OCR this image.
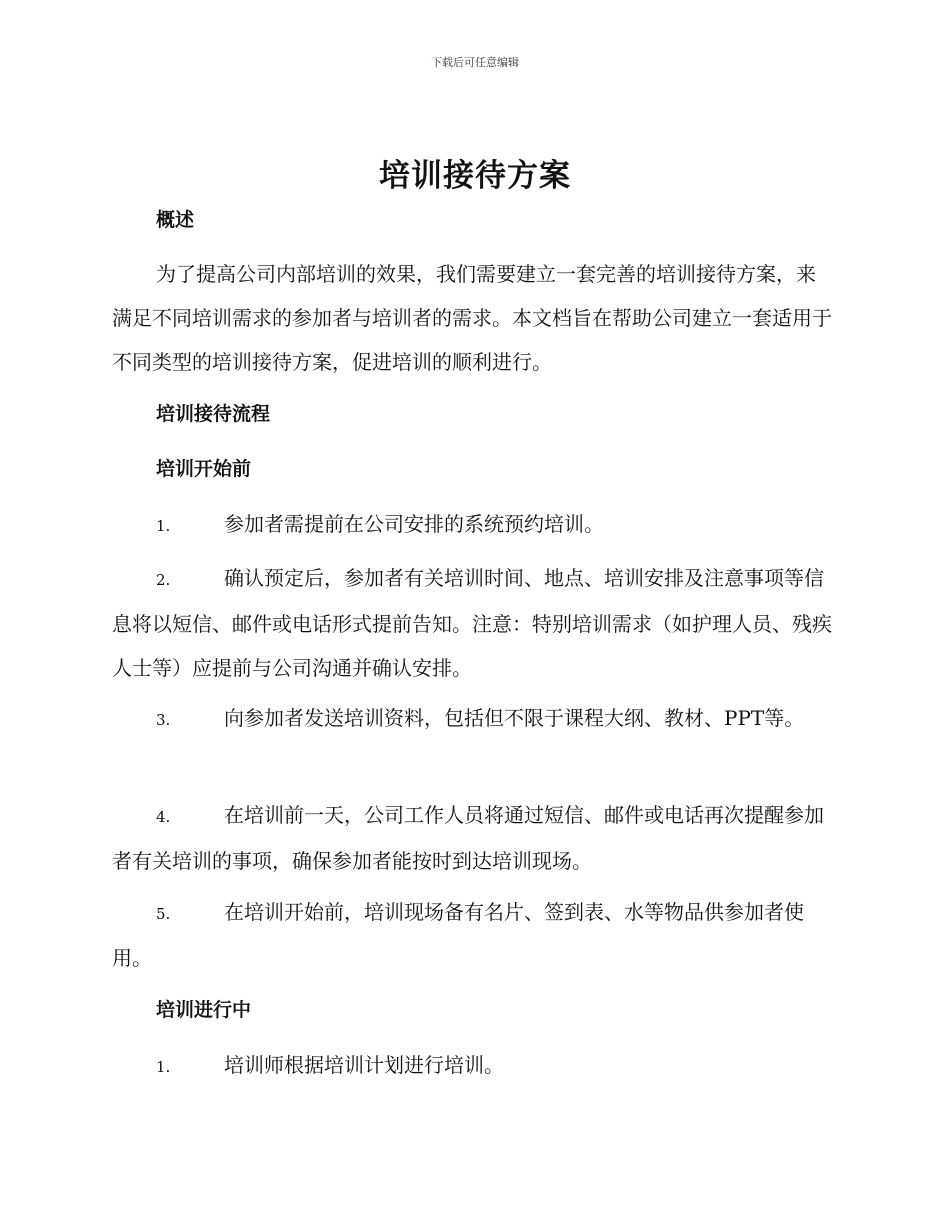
下载后可任意编辑
培训接待方案
概述

为了提高公司内部培训的效果，我们需要建立一套完善的培训接待方案，来满足不同培训需求的参加者与培训者的需求。本文档旨在帮助公司建立一套适用于不同类型的培训接待方案，促进培训的顺利进行。

培训接待流程
培训开始前

1.	参加者需提前在公司安排的系统预约培训。

2.	确认预定后，参加者有关培训时间、地点、培训安排及注意事项等信息将以短信、邮件或电话形式提前告知。注意：特别培训需求（如护理人员、残疾人士等）应提前与公司沟通并确认安排。

3.	向参加者发送培训资料，包括但不限于课程大纲、教材、PPT等。

4.	在培训前一天，公司工作人员将通过短信、邮件或电话再次提醒参加者有关培训的事项，确保参加者能按时到达培训现场。

5.	在培训开始前，培训现场备有名片、签到表、水等物品供参加者使用。

培训进行中

1.	培训师根据培训计划进行培训。
